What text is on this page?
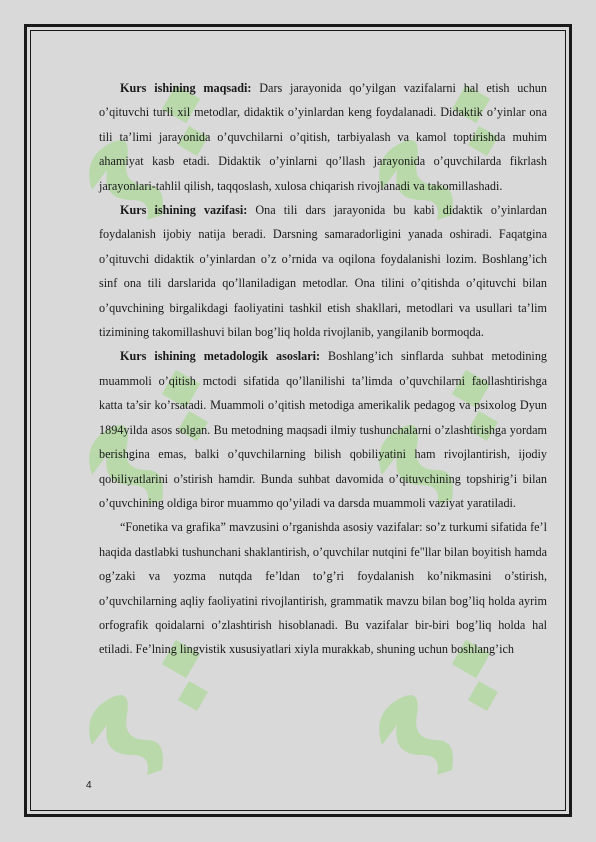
Kurs ishining maqsadi: Dars jarayonida qo’yilgan vazifalarni hal etish uchun o’qituvchi turli xil metodlar, didaktik o’yinlardan keng foydalanadi. Didaktik o’yinlar ona tili ta’limi jarayonida o’quvchilarni o’qitish, tarbiyalash va kamol toptirishda muhim ahamiyat kasb etadi. Didaktik o’yinlarni qo’llash jarayonida o’quvchilarda fikrlash jarayonlari-tahlil qilish, taqqoslash, xulosa chiqarish rivojlanadi va takomillashadi.

Kurs ishining vazifasi: Ona tili dars jarayonida bu kabi didaktik o’yinlardan foydalanish ijobiy natija beradi. Darsning samaradorligini yanada oshiradi. Faqatgina o’qituvchi didaktik o’yinlardan o’z o’rnida va oqilona foydalanishi lozim. Boshlang’ich sinf ona tili darslarida qo’llaniladigan metodlar. Ona tilini o’qitishda o’qituvchi bilan o’quvchining birgalikdagi faoliyatini tashkil etish shakllari, metodlari va usullari ta’lim tizimining takomillashuvi bilan bog’liq holda rivojlanib, yangilanib bormoqda.

Kurs ishining metadologik asoslari: Boshlang’ich sinflarda suhbat metodining muammoli o’qitish mctodi sifatida qo’llanilishi ta’limda o’quvchilarni faollashtirishga katta ta’sir ko’rsatadi. Muammoli o’qitish metodiga amerikalik pedagog va psixolog Dyun 1894yilda asos solgan. Bu metodning maqsadi ilmiy tushunchalarni o’zlashtirishga yordam berishgina emas, balki o’quvchilarning bilish qobiliyatini ham rivojlantirish, ijodiy qobiliyatlarini o’stirish hamdir. Bunda suhbat davomida o’qituvchining topshirig’i bilan o’quvchining oldiga biror muammo qo’yiladi va darsda muammoli vaziyat yaratiladi.

“Fonetika va grafika” mavzusini o’rganishda asosiy vazifalar: so’z turkumi sifatida fe’l haqida dastlabki tushunchani shaklantirish, o’quvchilar nutqini fe"llar bilan boyitish hamda og’zaki va yozma nutqda fe’ldan to’g’ri foydalanish ko’nikmasini o’stirish, o’quvchilarning aqliy faoliyatini rivojlantirish, grammatik mavzu bilan bog’liq holda ayrim orfografik qoidalarni o’zlashtirish hisoblanadi. Bu vazifalar bir-biri bog’liq holda hal etiladi. Fe’lning lingvistik xususiyatlari xiyla murakkab, shuning uchun boshlang’ich

4
